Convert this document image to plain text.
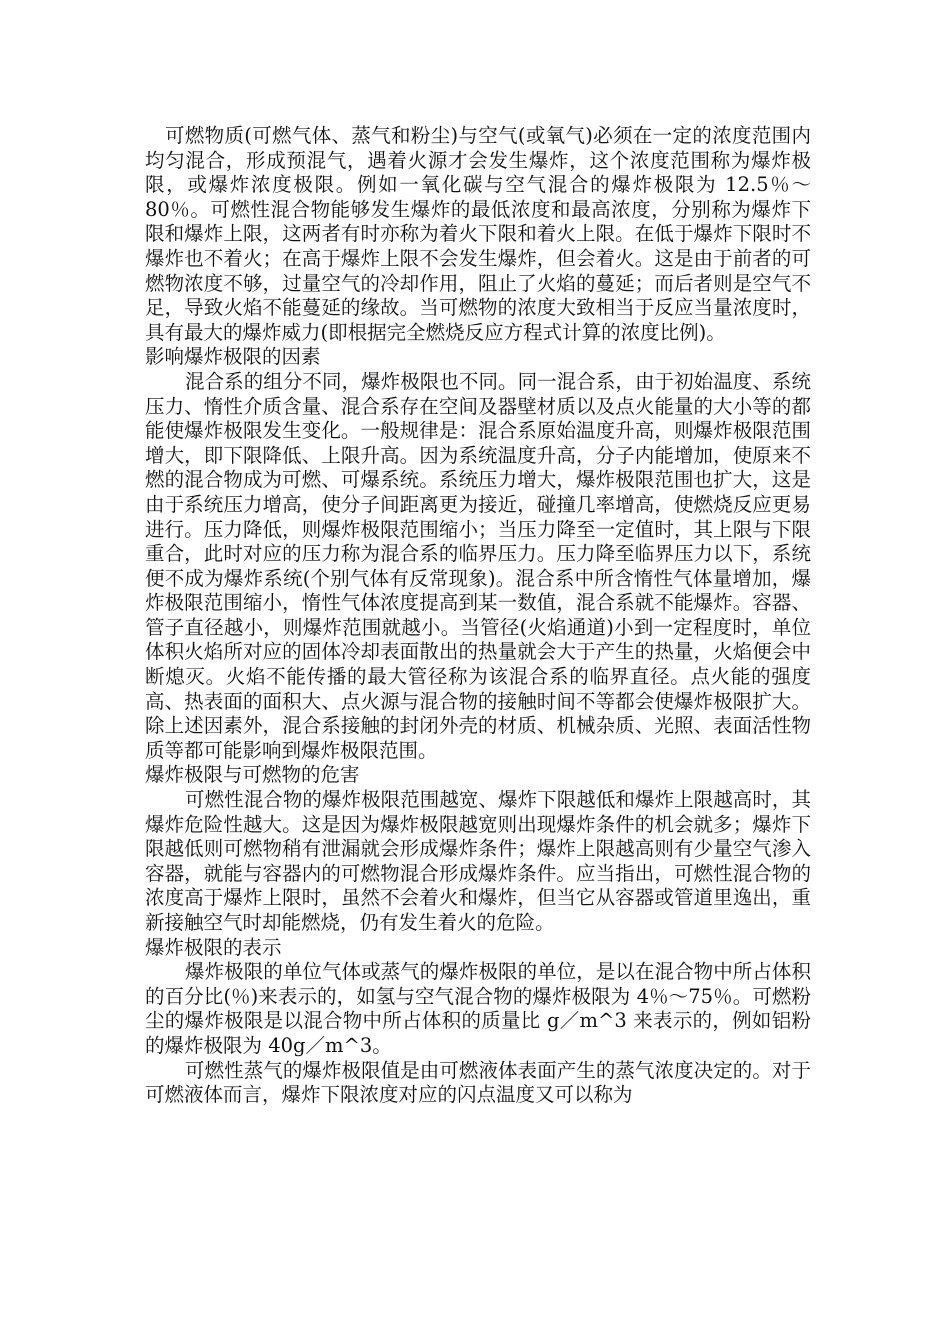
可燃物质(可燃气体、蒸气和粉尘)与空气(或氧气)必须在一定的浓度范围内均匀混合，形成预混气，遇着火源才会发生爆炸，这个浓度范围称为爆炸极限，或爆炸浓度极限。例如一氧化碳与空气混合的爆炸极限为 12.5％～80％。可燃性混合物能够发生爆炸的最低浓度和最高浓度，分别称为爆炸下限和爆炸上限，这两者有时亦称为着火下限和着火上限。在低于爆炸下限时不爆炸也不着火；在高于爆炸上限不会发生爆炸，但会着火。这是由于前者的可燃物浓度不够，过量空气的冷却作用，阻止了火焰的蔓延；而后者则是空气不足，导致火焰不能蔓延的缘故。当可燃物的浓度大致相当于反应当量浓度时，具有最大的爆炸威力(即根据完全燃烧反应方程式计算的浓度比例)。

影响爆炸极限的因素

混合系的组分不同，爆炸极限也不同。同一混合系，由于初始温度、系统压力、惰性介质含量、混合系存在空间及器壁材质以及点火能量的大小等的都能使爆炸极限发生变化。一般规律是：混合系原始温度升高，则爆炸极限范围增大，即下限降低、上限升高。因为系统温度升高，分子内能增加，使原来不燃的混合物成为可燃、可爆系统。系统压力增大，爆炸极限范围也扩大，这是由于系统压力增高，使分子间距离更为接近，碰撞几率增高，使燃烧反应更易进行。压力降低，则爆炸极限范围缩小；当压力降至一定值时，其上限与下限重合，此时对应的压力称为混合系的临界压力。压力降至临界压力以下，系统便不成为爆炸系统(个别气体有反常现象)。混合系中所含惰性气体量增加，爆炸极限范围缩小，惰性气体浓度提高到某一数值，混合系就不能爆炸。容器、管子直径越小，则爆炸范围就越小。当管径(火焰通道)小到一定程度时，单位体积火焰所对应的固体冷却表面散出的热量就会大于产生的热量，火焰便会中断熄灭。火焰不能传播的最大管径称为该混合系的临界直径。点火能的强度高、热表面的面积大、点火源与混合物的接触时间不等都会使爆炸极限扩大。除上述因素外，混合系接触的封闭外壳的材质、机械杂质、光照、表面活性物质等都可能影响到爆炸极限范围。

爆炸极限与可燃物的危害

可燃性混合物的爆炸极限范围越宽、爆炸下限越低和爆炸上限越高时，其爆炸危险性越大。这是因为爆炸极限越宽则出现爆炸条件的机会就多；爆炸下限越低则可燃物稍有泄漏就会形成爆炸条件；爆炸上限越高则有少量空气渗入容器，就能与容器内的可燃物混合形成爆炸条件。应当指出，可燃性混合物的浓度高于爆炸上限时，虽然不会着火和爆炸，但当它从容器或管道里逸出，重新接触空气时却能燃烧，仍有发生着火的危险。

爆炸极限的表示

爆炸极限的单位气体或蒸气的爆炸极限的单位，是以在混合物中所占体积的百分比(％)来表示的，如氢与空气混合物的爆炸极限为 4％～75％。可燃粉尘的爆炸极限是以混合物中所占体积的质量比 g／m^3 来表示的，例如铝粉的爆炸极限为 40g／m^3。

可燃性蒸气的爆炸极限值是由可燃液体表面产生的蒸气浓度决定的。对于可燃液体而言，爆炸下限浓度对应的闪点温度又可以称为
